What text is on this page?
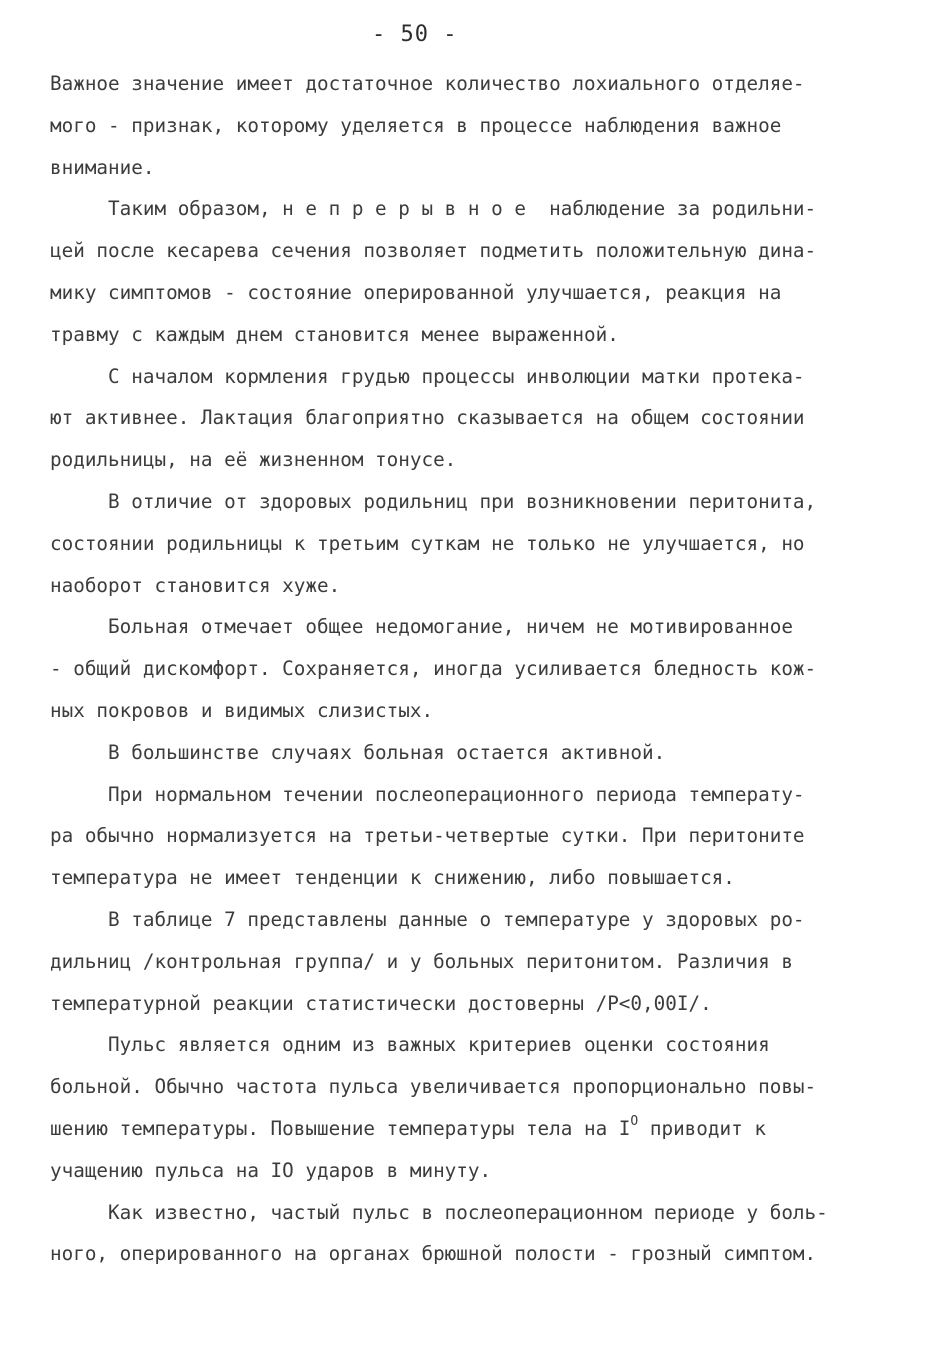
- 50 -
Важное значение имеет достаточное количество лохиального отделяе-
мого - признак, которому уделяется в процессе наблюдения важное
внимание.
Таким образом, н е п р е р ы в н о е  наблюдение за родильни-
цей после кесарева сечения позволяет подметить положительную дина-
мику симптомов - состояние оперированной улучшается, реакция на
травму с каждым днем становится менее выраженной.
С началом кормления грудью процессы инволюции матки протека-
ют активнее. Лактация благоприятно сказывается на общем состоянии
родильницы, на её жизненном тонусе.
В отличие от здоровых родильниц при возникновении перитонита,
состоянии родильницы к третьим суткам не только не улучшается, но
наоборот становится хуже.
Больная отмечает общее недомогание, ничем не мотивированное
- общий дискомфорт. Сохраняется, иногда усиливается бледность кож-
ных покровов и видимых слизистых.
В большинстве случаях больная остается активной.
При нормальном течении послеоперационного периода температу-
ра обычно нормализуется на третьи-четвертые сутки. При перитоните
температура не имеет тенденции к снижению, либо повышается.
В таблице 7 представлены данные о температуре у здоровых ро-
дильниц /контрольная группа/ и у больных перитонитом. Различия в
температурной реакции статистически достоверны /Р<0,00I/.
Пульс является одним из важных критериев оценки состояния
больной. Обычно частота пульса увеличивается пропорционально повы-
шению температуры. Повышение температуры тела на $I^O$ приводит к
учащению пульса на IO ударов в минуту.
Как известно, частый пульс в послеоперационном периоде у боль-
ного, оперированного на органах брюшной полости - грозный симптом.
